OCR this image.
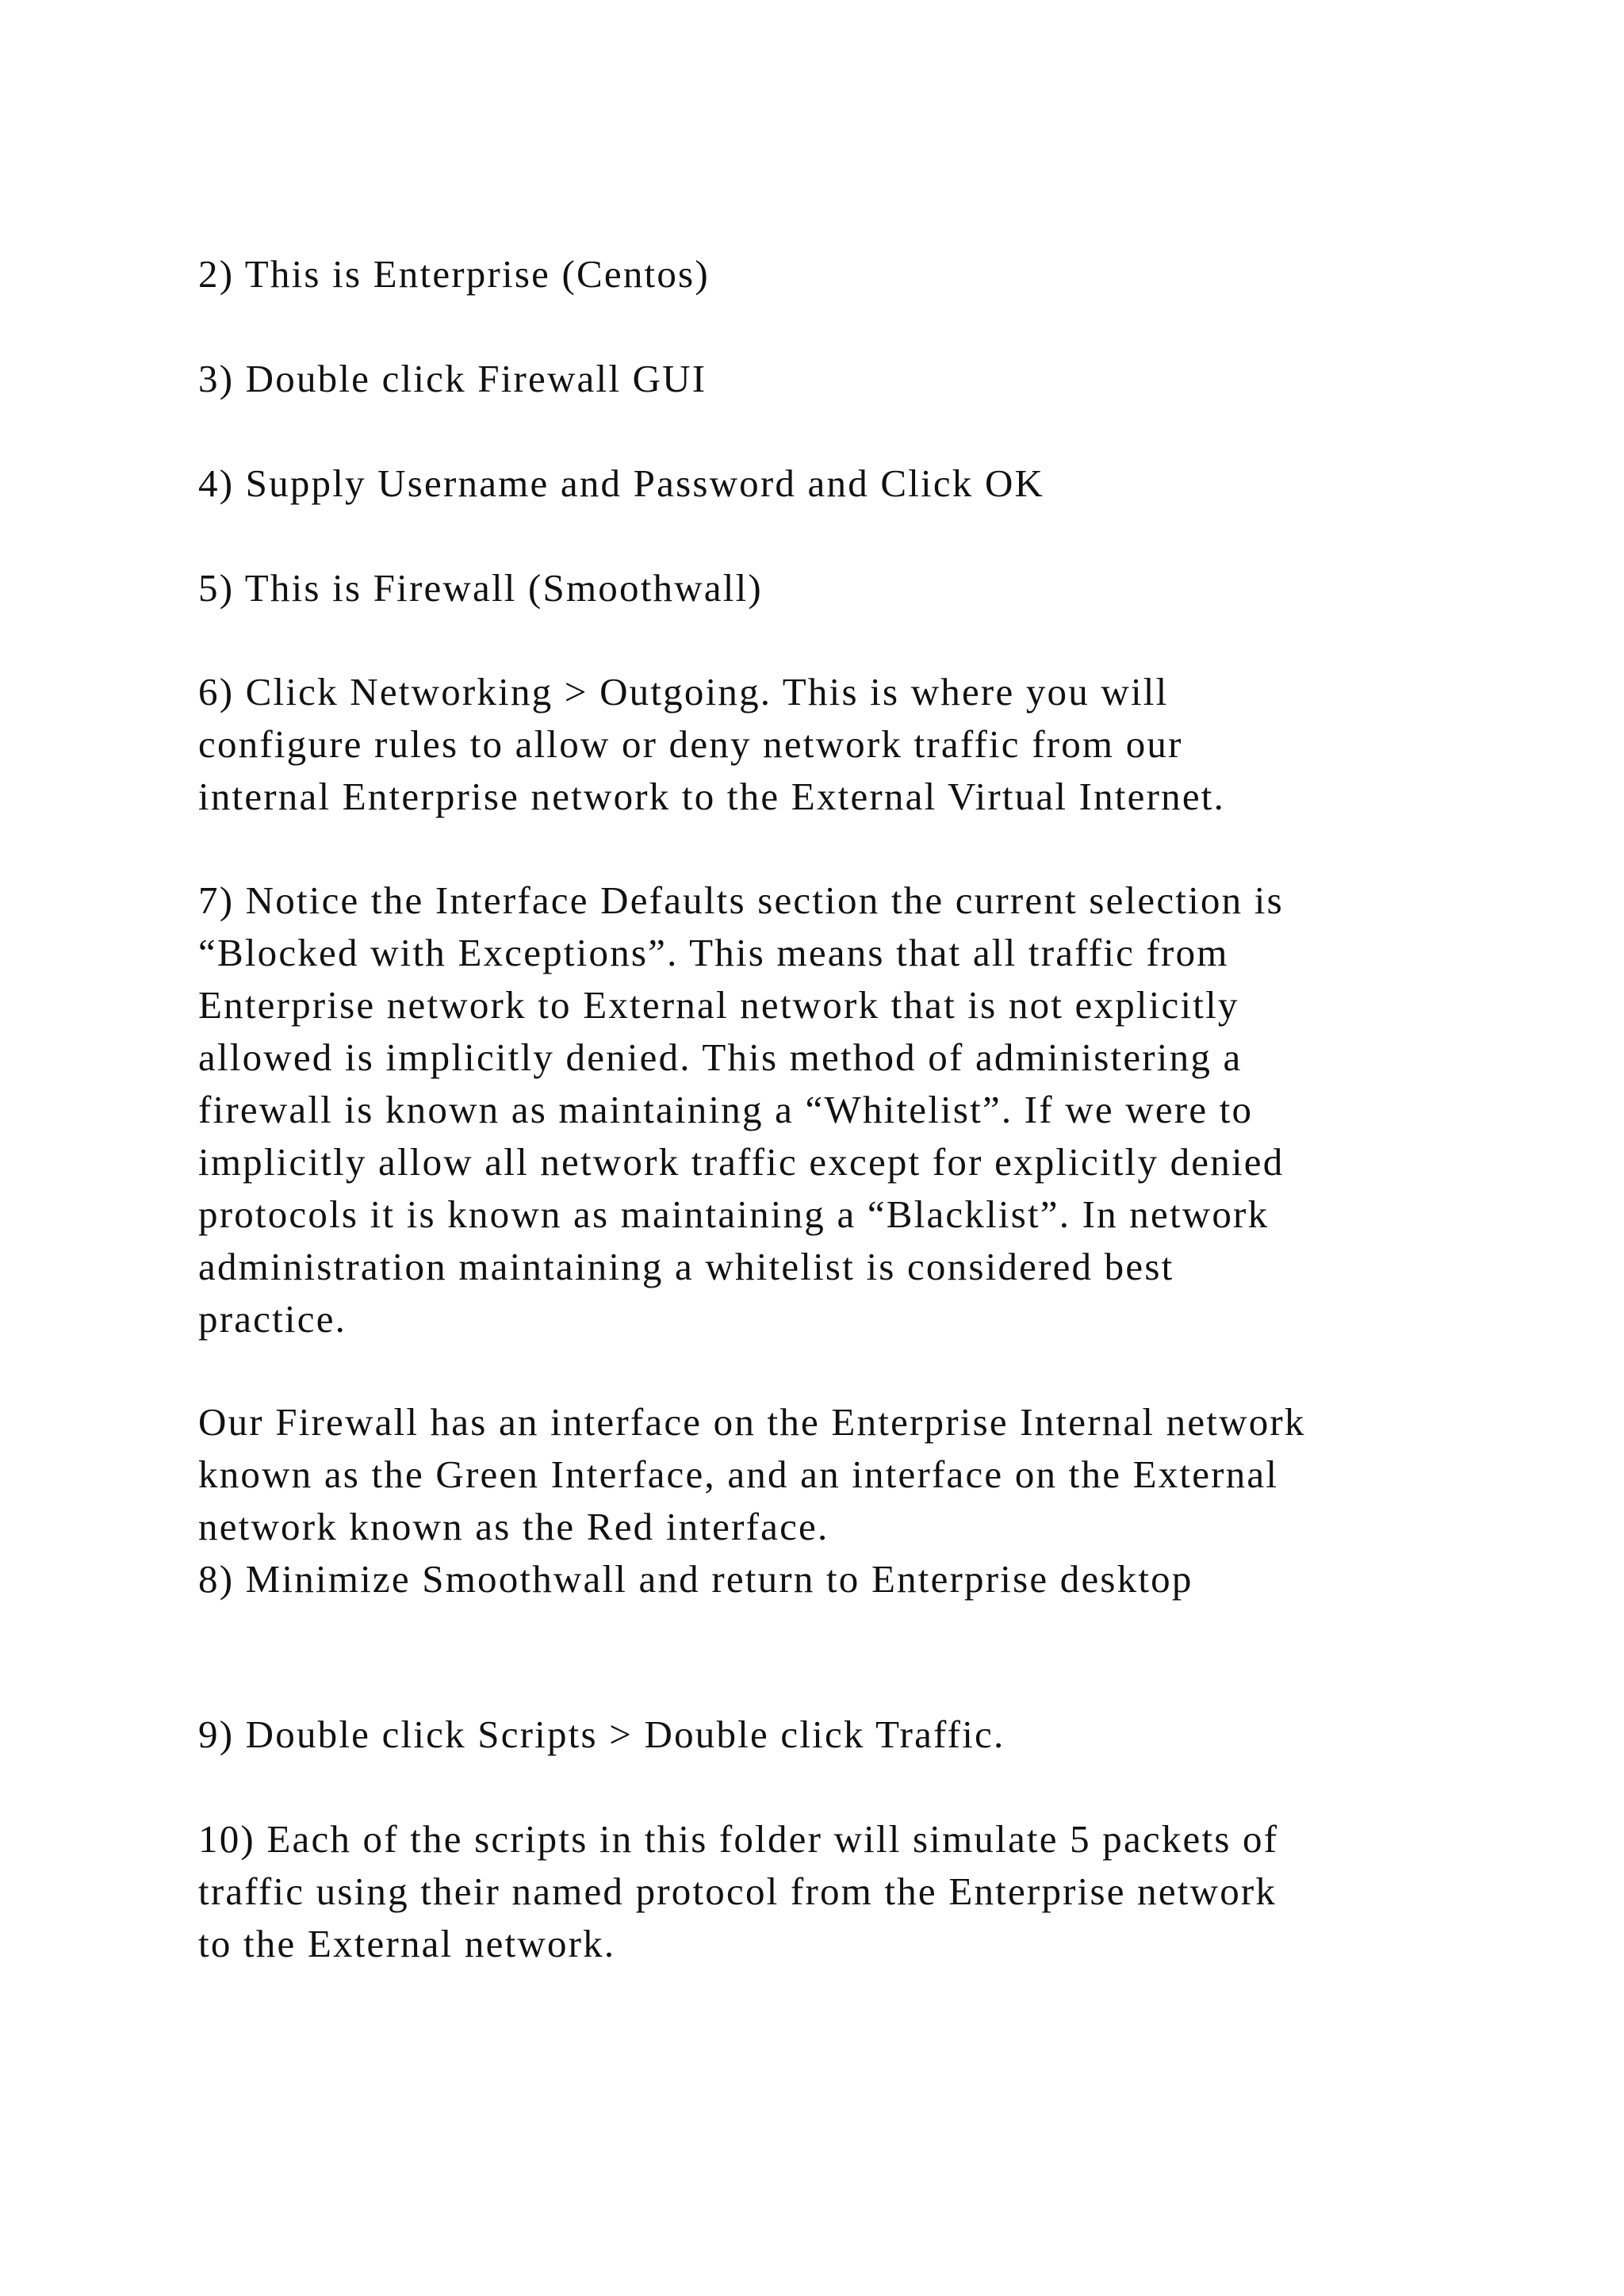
2) This is Enterprise (Centos)

3) Double click Firewall GUI

4) Supply Username and Password and Click OK

5) This is Firewall (Smoothwall)

6) Click Networking > Outgoing. This is where you will
configure rules to allow or deny network traffic from our
internal Enterprise network to the External Virtual Internet.

7) Notice the Interface Defaults section the current selection is
“Blocked with Exceptions”. This means that all traffic from
Enterprise network to External network that is not explicitly
allowed is implicitly denied. This method of administering a
firewall is known as maintaining a “Whitelist”. If we were to
implicitly allow all network traffic except for explicitly denied
protocols it is known as maintaining a “Blacklist”. In network
administration maintaining a whitelist is considered best
practice.

Our Firewall has an interface on the Enterprise Internal network
known as the Green Interface, and an interface on the External
network known as the Red interface.
8) Minimize Smoothwall and return to Enterprise desktop

9) Double click Scripts > Double click Traffic.

10) Each of the scripts in this folder will simulate 5 packets of
traffic using their named protocol from the Enterprise network
to the External network.
